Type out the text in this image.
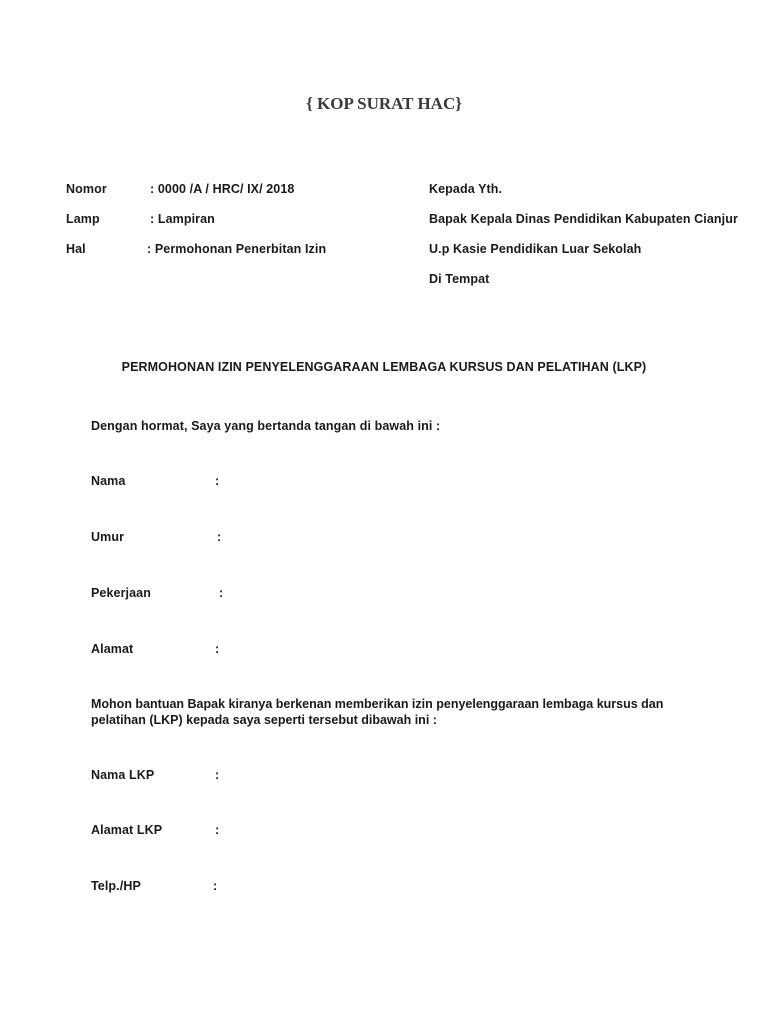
{ KOP SURAT HAC}
Nomor	: 0000 /A / HRC/ IX/ 2018
Lamp	: Lampiran
Hal	: Permohonan Penerbitan Izin
Kepada Yth.
Bapak Kepala Dinas Pendidikan Kabupaten Cianjur
U.p Kasie Pendidikan Luar Sekolah
Di Tempat
PERMOHONAN IZIN PENYELENGGARAAN LEMBAGA KURSUS DAN PELATIHAN (LKP)
Dengan hormat, Saya yang bertanda tangan di bawah ini :
Nama	:
Umur	:
Pekerjaan	:
Alamat	:
Mohon bantuan Bapak kiranya berkenan memberikan izin penyelenggaraan lembaga kursus dan
pelatihan (LKP) kepada saya seperti tersebut dibawah ini :
Nama LKP	:
Alamat LKP	:
Telp./HP	:
